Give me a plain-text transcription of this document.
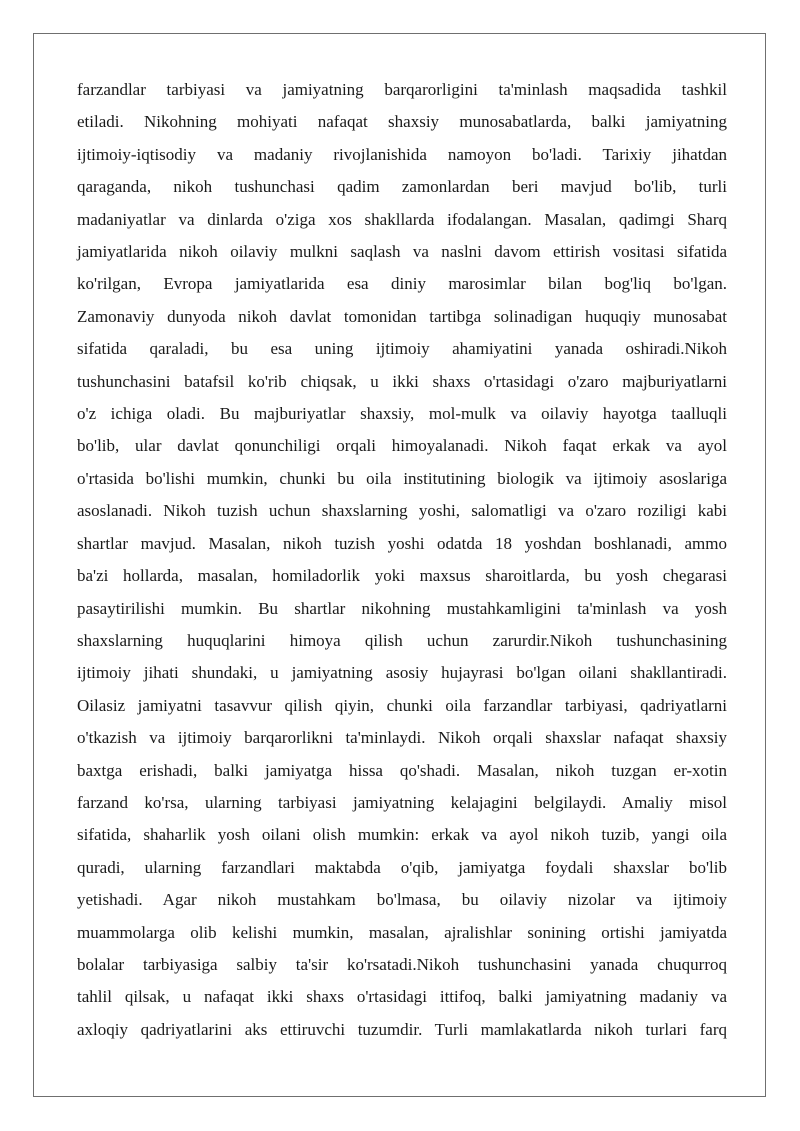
farzandlar tarbiyasi va jamiyatning barqarorligini ta'minlash maqsadida tashkil
etiladi. Nikohning mohiyati nafaqat shaxsiy munosabatlarda, balki jamiyatning
ijtimoiy-iqtisodiy va madaniy rivojlanishida namoyon bo'ladi. Tarixiy jihatdan
qaraganda, nikoh tushunchasi qadim zamonlardan beri mavjud bo'lib, turli
madaniyatlar va dinlarda o'ziga xos shakllarda ifodalangan. Masalan, qadimgi Sharq
jamiyatlarida nikoh oilaviy mulkni saqlash va naslni davom ettirish vositasi sifatida
ko'rilgan, Evropa jamiyatlarida esa diniy marosimlar bilan bog'liq bo'lgan.
Zamonaviy dunyoda nikoh davlat tomonidan tartibga solinadigan huquqiy munosabat
sifatida qaraladi, bu esa uning ijtimoiy ahamiyatini yanada oshiradi.Nikoh
tushunchasini batafsil ko'rib chiqsak, u ikki shaxs o'rtasidagi o'zaro majburiyatlarni
o'z ichiga oladi. Bu majburiyatlar shaxsiy, mol-mulk va oilaviy hayotga taalluqli
bo'lib, ular davlat qonunchiligi orqali himoyalanadi. Nikoh faqat erkak va ayol
o'rtasida bo'lishi mumkin, chunki bu oila institutining biologik va ijtimoiy asoslariga
asoslanadi. Nikoh tuzish uchun shaxslarning yoshi, salomatligi va o'zaro roziligi kabi
shartlar mavjud. Masalan, nikoh tuzish yoshi odatda 18 yoshdan boshlanadi, ammo
ba'zi hollarda, masalan, homiladorlik yoki maxsus sharoitlarda, bu yosh chegarasi
pasaytirilishi mumkin. Bu shartlar nikohning mustahkamligini ta'minlash va yosh
shaxslarning huquqlarini himoya qilish uchun zarurdir.Nikoh tushunchasining
ijtimoiy jihati shundaki, u jamiyatning asosiy hujayrasi bo'lgan oilani shakllantiradi.
Oilasiz jamiyatni tasavvur qilish qiyin, chunki oila farzandlar tarbiyasi, qadriyatlarni
o'tkazish va ijtimoiy barqarorlikni ta'minlaydi. Nikoh orqali shaxslar nafaqat shaxsiy
baxtga erishadi, balki jamiyatga hissa qo'shadi. Masalan, nikoh tuzgan er-xotin
farzand ko'rsa, ularning tarbiyasi jamiyatning kelajagini belgilaydi. Amaliy misol
sifatida, shaharlik yosh oilani olish mumkin: erkak va ayol nikoh tuzib, yangi oila
quradi, ularning farzandlari maktabda o'qib, jamiyatga foydali shaxslar bo'lib
yetishadi. Agar nikoh mustahkam bo'lmasa, bu oilaviy nizolar va ijtimoiy
muammolarga olib kelishi mumkin, masalan, ajralishlar sonining ortishi jamiyatda
bolalar tarbiyasiga salbiy ta'sir ko'rsatadi.Nikoh tushunchasini yanada chuqurroq
tahlil qilsak, u nafaqat ikki shaxs o'rtasidagi ittifoq, balki jamiyatning madaniy va
axloqiy qadriyatlarini aks ettiruvchi tuzumdir. Turli mamlakatlarda nikoh turlari farq
